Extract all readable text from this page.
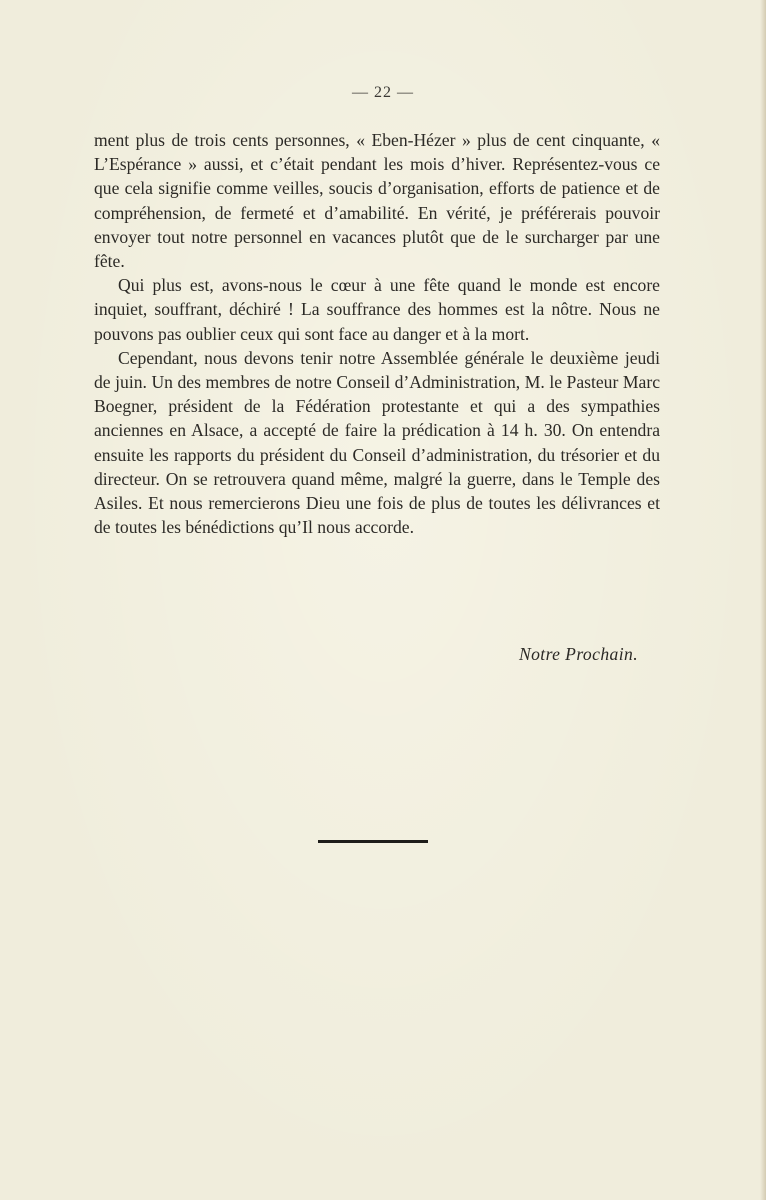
— 22 —

ment plus de trois cents personnes, « Eben-Hézer » plus de cent cinquante, « L’Espérance » aussi, et c’était pendant les mois d’hiver. Représentez-vous ce que cela signifie comme veilles, soucis d’organisation, efforts de patience et de compréhension, de fermeté et d’amabilité. En vérité, je préférerais pouvoir envoyer tout notre personnel en vacances plutôt que de le surcharger par une fête.

Qui plus est, avons-nous le cœur à une fête quand le monde est encore inquiet, souffrant, déchiré ! La souffrance des hommes est la nôtre. Nous ne pouvons pas oublier ceux qui sont face au danger et à la mort.

Cependant, nous devons tenir notre Assemblée générale le deuxième jeudi de juin. Un des membres de notre Conseil d’Administration, M. le Pasteur Marc Boegner, président de la Fédération protestante et qui a des sympathies anciennes en Alsace, a accepté de faire la prédication à 14 h. 30. On entendra ensuite les rapports du président du Conseil d’administration, du trésorier et du directeur. On se retrouvera quand même, malgré la guerre, dans le Temple des Asiles. Et nous remercierons Dieu une fois de plus de toutes les délivrances et de toutes les bénédictions qu’Il nous accorde.

Notre Prochain.
